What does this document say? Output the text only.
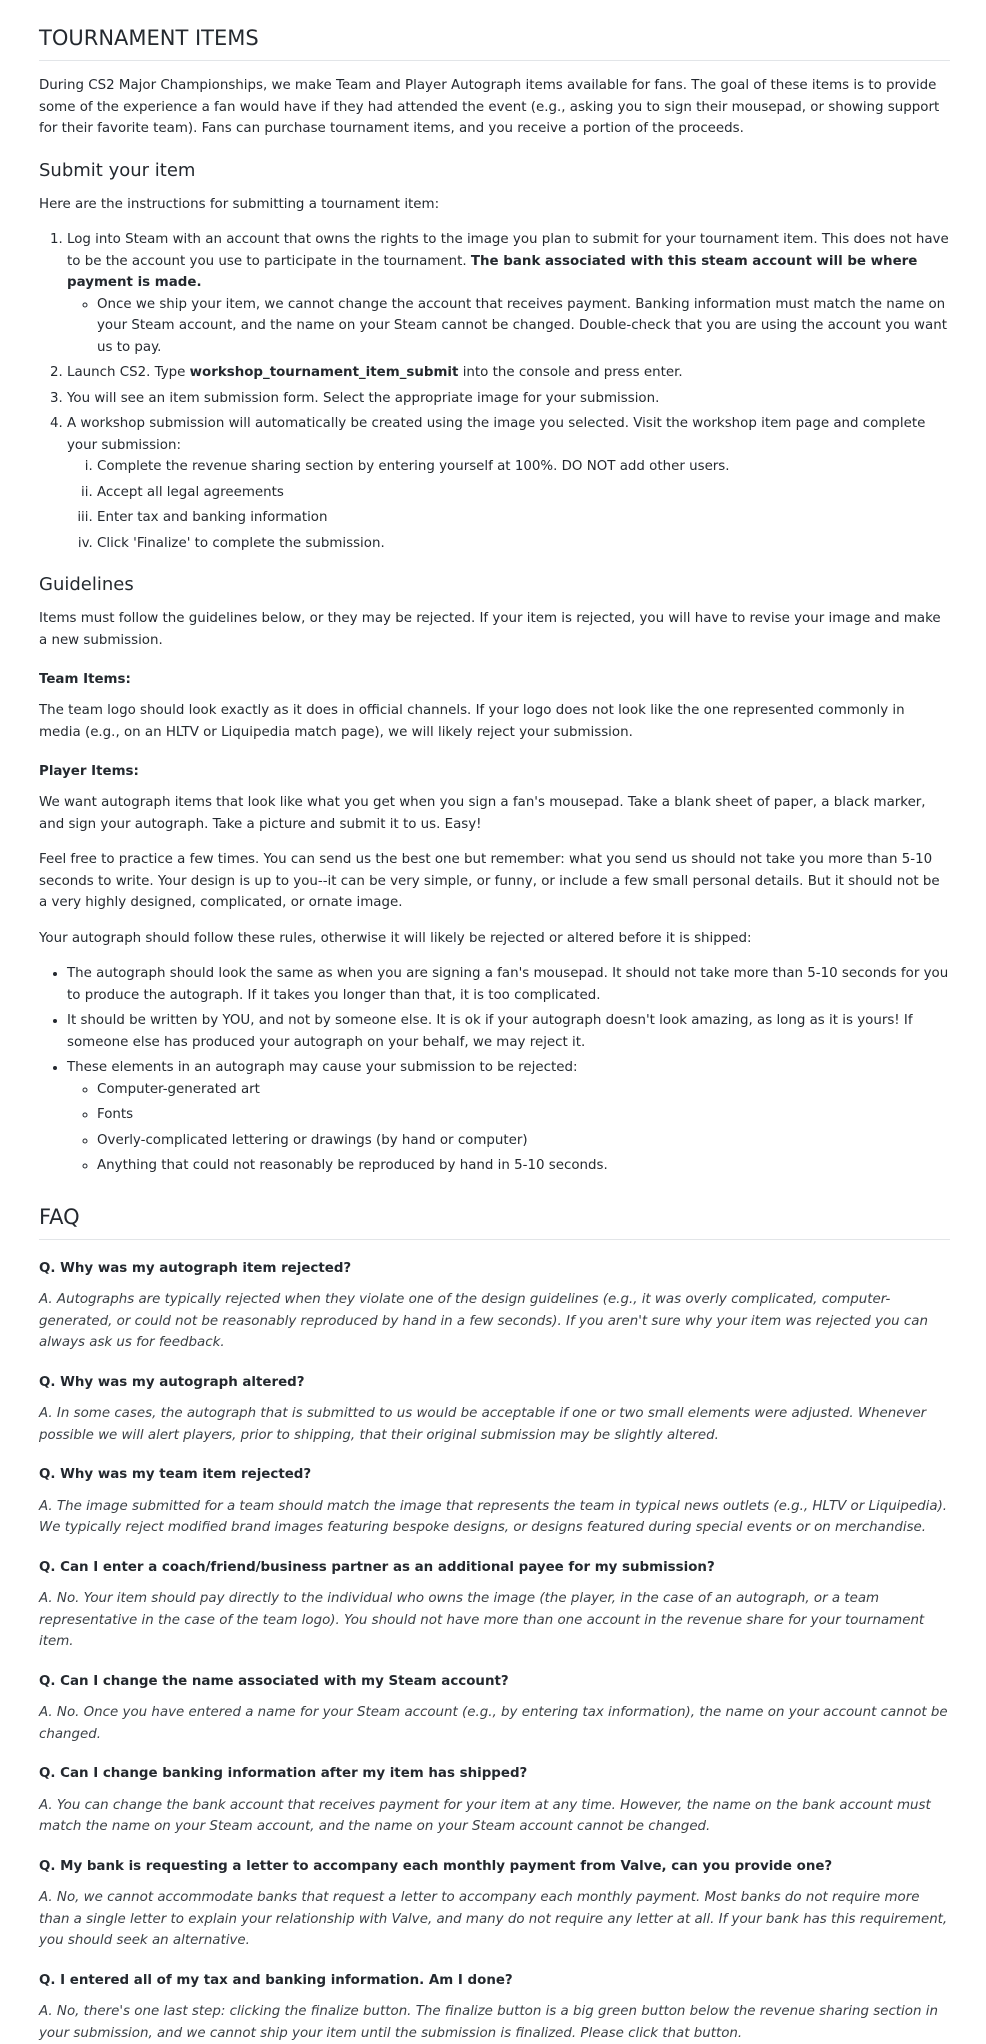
TOURNAMENT ITEMS

During CS2 Major Championships, we make Team and Player Autograph items available for fans. The goal of these items is to provide some of the experience a fan would have if they had attended the event (e.g., asking you to sign their mousepad, or showing support for their favorite team). Fans can purchase tournament items, and you receive a portion of the proceeds.

Submit your item

Here are the instructions for submitting a tournament item:

1. Log into Steam with an account that owns the rights to the image you plan to submit for your tournament item. This does not have to be the account you use to participate in the tournament. The bank associated with this steam account will be where payment is made.
◦ Once we ship your item, we cannot change the account that receives payment. Banking information must match the name on your Steam account, and the name on your Steam cannot be changed. Double-check that you are using the account you want us to pay.
2. Launch CS2. Type workshop_tournament_item_submit into the console and press enter.
3. You will see an item submission form. Select the appropriate image for your submission.
4. A workshop submission will automatically be created using the image you selected. Visit the workshop item page and complete your submission:
i. Complete the revenue sharing section by entering yourself at 100%. DO NOT add other users.
ii. Accept all legal agreements
iii. Enter tax and banking information
iv. Click 'Finalize' to complete the submission.
Guidelines

Items must follow the guidelines below, or they may be rejected. If your item is rejected, you will have to revise your image and make a new submission.

Team Items:

The team logo should look exactly as it does in official channels. If your logo does not look like the one represented commonly in media (e.g., on an HLTV or Liquipedia match page), we will likely reject your submission.

Player Items:

We want autograph items that look like what you get when you sign a fan's mousepad. Take a blank sheet of paper, a black marker, and sign your autograph. Take a picture and submit it to us. Easy!

Feel free to practice a few times. You can send us the best one but remember: what you send us should not take you more than 5-10 seconds to write. Your design is up to you--it can be very simple, or funny, or include a few small personal details. But it should not be a very highly designed, complicated, or ornate image.

Your autograph should follow these rules, otherwise it will likely be rejected or altered before it is shipped:

• The autograph should look the same as when you are signing a fan's mousepad. It should not take more than 5-10 seconds for you to produce the autograph. If it takes you longer than that, it is too complicated.
• It should be written by YOU, and not by someone else. It is ok if your autograph doesn't look amazing, as long as it is yours! If someone else has produced your autograph on your behalf, we may reject it.
• These elements in an autograph may cause your submission to be rejected:
◦ Computer-generated art
◦ Fonts
◦ Overly-complicated lettering or drawings (by hand or computer)
◦ Anything that could not reasonably be reproduced by hand in 5-10 seconds.
FAQ

Q. Why was my autograph item rejected?

A. Autographs are typically rejected when they violate one of the design guidelines (e.g., it was overly complicated, computer-generated, or could not be reasonably reproduced by hand in a few seconds). If you aren't sure why your item was rejected you can always ask us for feedback.

Q. Why was my autograph altered?

A. In some cases, the autograph that is submitted to us would be acceptable if one or two small elements were adjusted. Whenever possible we will alert players, prior to shipping, that their original submission may be slightly altered.

Q. Why was my team item rejected?

A. The image submitted for a team should match the image that represents the team in typical news outlets (e.g., HLTV or Liquipedia). We typically reject modified brand images featuring bespoke designs, or designs featured during special events or on merchandise.

Q. Can I enter a coach/friend/business partner as an additional payee for my submission?

A. No. Your item should pay directly to the individual who owns the image (the player, in the case of an autograph, or a team representative in the case of the team logo). You should not have more than one account in the revenue share for your tournament item.

Q. Can I change the name associated with my Steam account?

A. No. Once you have entered a name for your Steam account (e.g., by entering tax information), the name on your account cannot be changed.

Q. Can I change banking information after my item has shipped?

A. You can change the bank account that receives payment for your item at any time. However, the name on the bank account must match the name on your Steam account, and the name on your Steam account cannot be changed.

Q. My bank is requesting a letter to accompany each monthly payment from Valve, can you provide one?

A. No, we cannot accommodate banks that request a letter to accompany each monthly payment. Most banks do not require more than a single letter to explain your relationship with Valve, and many do not require any letter at all. If your bank has this requirement, you should seek an alternative.

Q. I entered all of my tax and banking information. Am I done?

A. No, there's one last step: clicking the finalize button. The finalize button is a big green button below the revenue sharing section in your submission, and we cannot ship your item until the submission is finalized. Please click that button.
